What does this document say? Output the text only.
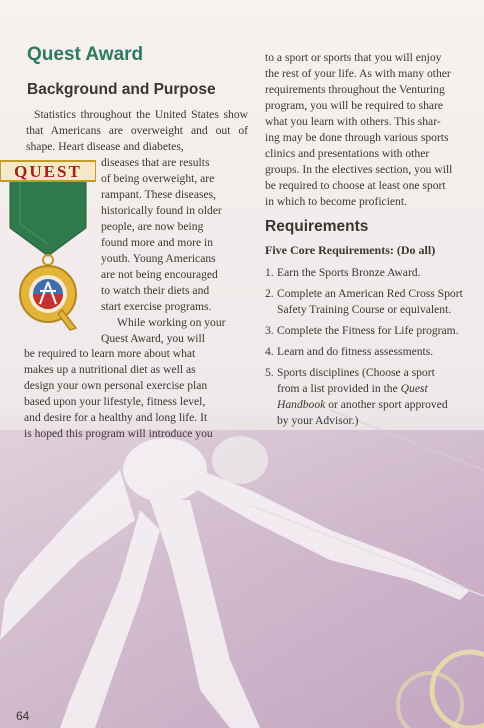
Quest Award
Background and Purpose
Statistics throughout the United States show that Americans are overweight and out of shape. Heart disease and diabetes,
diseases that are results
of being overweight, are
rampant. These diseases,
historically found in older
people, are now being
found more and more in
youth. Young Americans
are not being encouraged
to watch their diets and
start exercise programs.
While working on your
Quest Award, you will
be required to learn more about what
makes up a nutritional diet as well as
design your own personal exercise plan
based upon your lifestyle, fitness level,
and desire for a healthy and long life. It
is hoped this program will introduce you
to a sport or sports that you will enjoy
the rest of your life. As with many other
requirements throughout the Venturing
program, you will be required to share
what you learn with others. This shar-
ing may be done through various sports
clinics and presentations with other
groups. In the electives section, you will
be required to choose at least one sport
in which to become proficient.
Requirements
Five Core Requirements: (Do all)
1. Earn the Sports Bronze Award.
2. Complete an American Red Cross Sport
Safety Training Course or equivalent.
3. Complete the Fitness for Life program.
4. Learn and do fitness assessments.
5. Sports disciplines (Choose a sport
from a list provided in the Quest
Handbook or another sport approved
by your Advisor.)
64
QUEST
